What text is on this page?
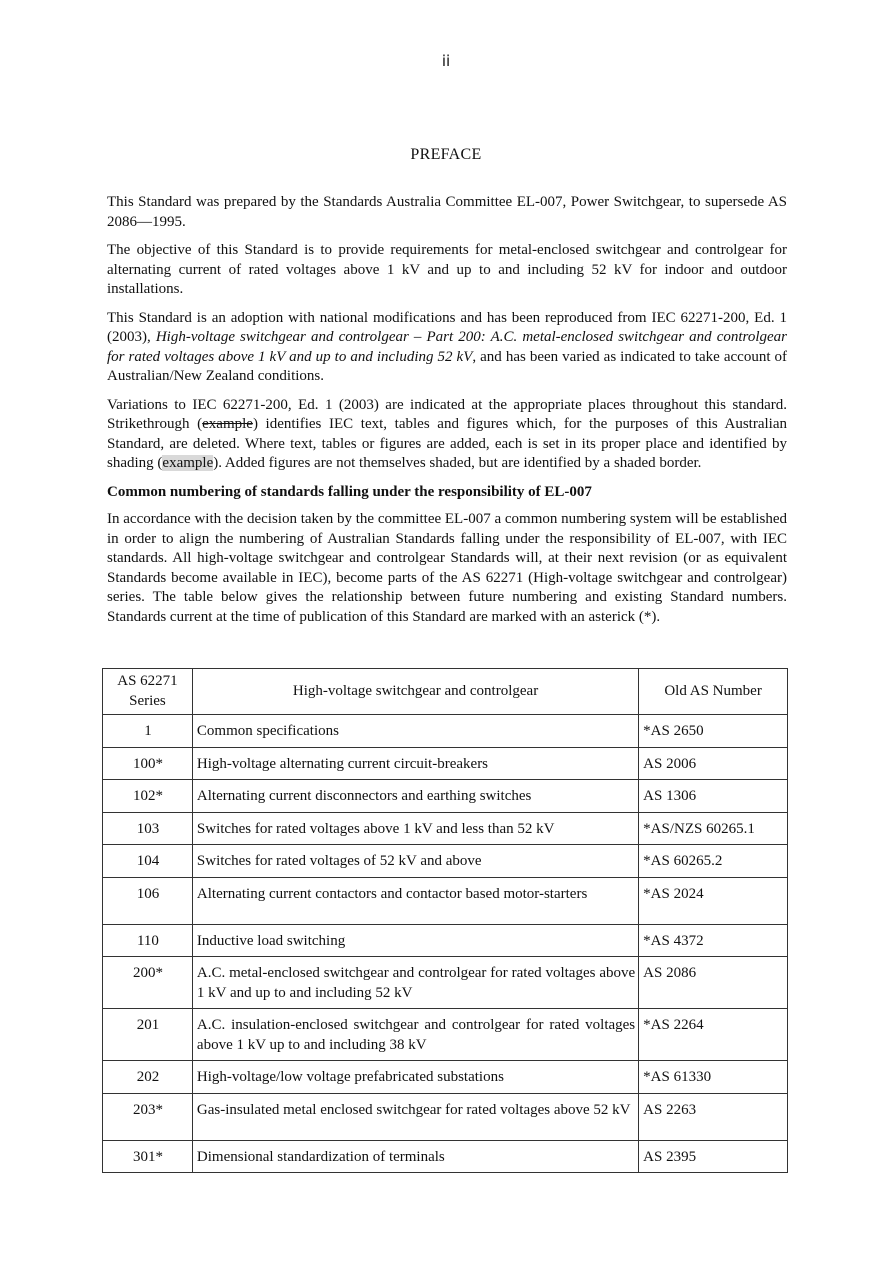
ii
PREFACE

This Standard was prepared by the Standards Australia Committee EL-007, Power Switchgear, to supersede AS 2086—1995.

The objective of this Standard is to provide requirements for metal-enclosed switchgear and controlgear for alternating current of rated voltages above 1 kV and up to and including 52 kV for indoor and outdoor installations.

This Standard is an adoption with national modifications and has been reproduced from IEC 62271-200, Ed. 1 (2003), High-voltage switchgear and controlgear – Part 200: A.C. metal-enclosed switchgear and controlgear for rated voltages above 1 kV and up to and including 52 kV, and has been varied as indicated to take account of Australian/New Zealand conditions.

Variations to IEC 62271-200, Ed. 1 (2003) are indicated at the appropriate places throughout this standard. Strikethrough (example) identifies IEC text, tables and figures which, for the purposes of this Australian Standard, are deleted. Where text, tables or figures are added, each is set in its proper place and identified by shading (example). Added figures are not themselves shaded, but are identified by a shaded border.

Common numbering of standards falling under the responsibility of EL-007

In accordance with the decision taken by the committee EL-007 a common numbering system will be established in order to align the numbering of Australian Standards falling under the responsibility of EL-007, with IEC standards. All high-voltage switchgear and controlgear Standards will, at their next revision (or as equivalent Standards become available in IEC), become parts of the AS 62271 (High-voltage switchgear and controlgear) series. The table below gives the relationship between future numbering and existing Standard numbers. Standards current at the time of publication of this Standard are marked with an asterick (*).

AS 62271 Series	High-voltage switchgear and controlgear	Old AS Number
1	Common specifications	*AS 2650
100*	High-voltage alternating current circuit-breakers	AS 2006
102*	Alternating current disconnectors and earthing switches	AS 1306
103	Switches for rated voltages above 1 kV and less than 52 kV	*AS/NZS 60265.1
104	Switches for rated voltages of 52 kV and above	*AS 60265.2
106	Alternating current contactors and contactor based motor-starters	*AS 2024
110	Inductive load switching	*AS 4372
200*	A.C. metal-enclosed switchgear and controlgear for rated voltages above 1 kV and up to and including 52 kV	AS 2086
201	A.C. insulation-enclosed switchgear and controlgear for rated voltages above 1 kV up to and including 38 kV	*AS 2264
202	High-voltage/low voltage prefabricated substations	*AS 61330
203*	Gas-insulated metal enclosed switchgear for rated voltages above 52 kV	AS 2263
301*	Dimensional standardization of terminals	AS 2395
